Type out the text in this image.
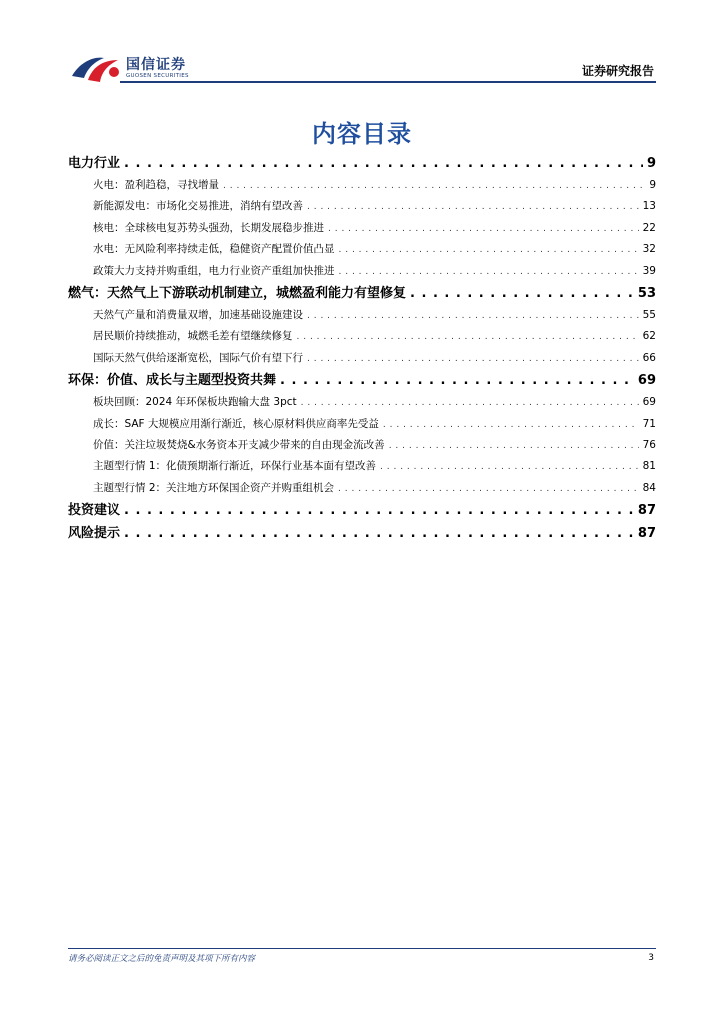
国信证券
GUOSEN SECURITIES	证券研究报告
内容目录
电力行业 . . .	9
火电：盈利趋稳，寻找增量 . . .	9
新能源发电：市场化交易推进，消纳有望改善 . . .	13
核电：全球核电复苏势头强劲，长期发展稳步推进 . . .	22
水电：无风险利率持续走低，稳健资产配置价值凸显 . . .	32
政策大力支持并购重组，电力行业资产重组加快推进 . . .	39
燃气：天然气上下游联动机制建立，城燃盈利能力有望修复 . . .	53
天然气产量和消费量双增，加速基础设施建设 . . .	55
居民顺价持续推动，城燃毛差有望继续修复 . . .	62
国际天然气供给逐渐宽松，国际气价有望下行 . . .	66
环保：价值、成长与主题型投资共舞 . . .	69
板块回顾：2024 年环保板块跑输大盘 3pct . . .	69
成长：SAF 大规模应用渐行渐近，核心原材料供应商率先受益 . . .	71
价值：关注垃圾焚烧&水务资本开支减少带来的自由现金流改善 . . .	76
主题型行情 1：化债预期渐行渐近，环保行业基本面有望改善 . . .	81
主题型行情 2：关注地方环保国企资产并购重组机会 . . .	84
投资建议 . . .	87
风险提示 . . .	87
请务必阅读正文之后的免责声明及其项下所有内容	3
